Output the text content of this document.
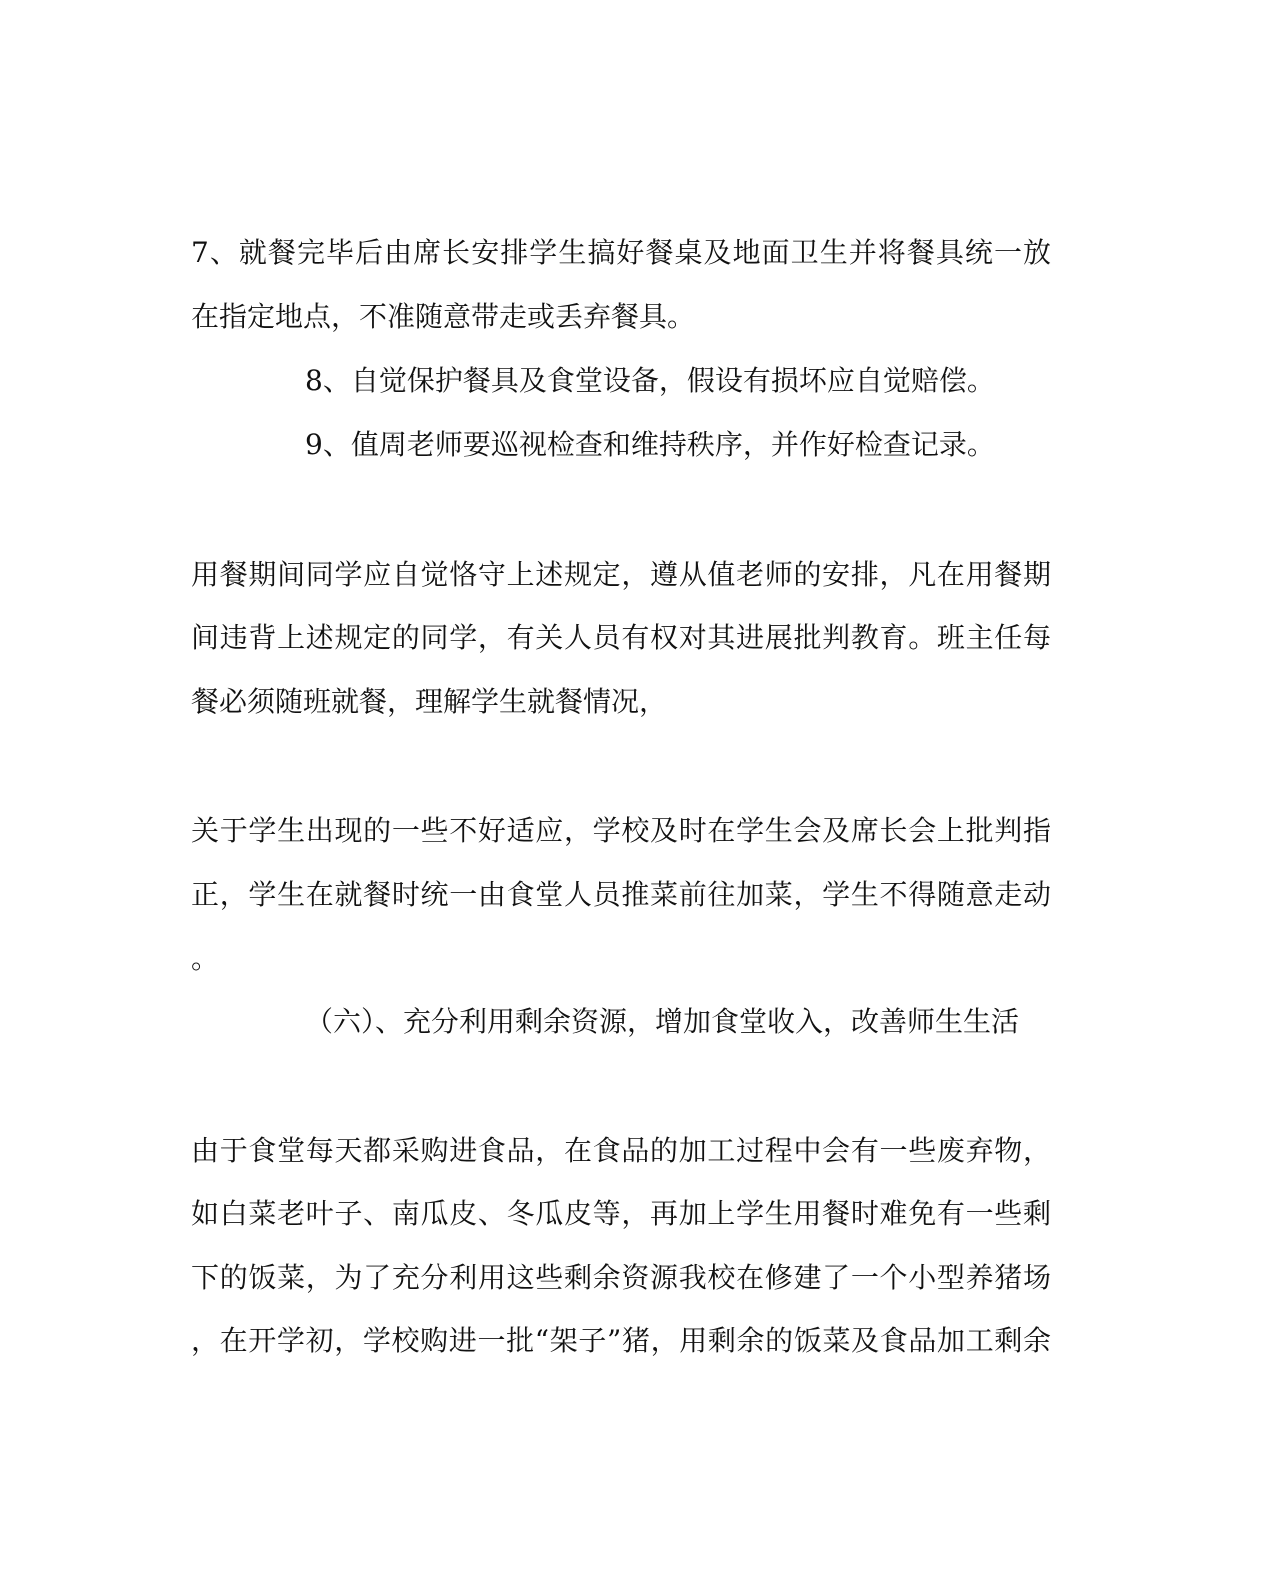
7、就餐完毕后由席长安排学生搞好餐桌及地面卫生并将餐具统一放
在指定地点，不准随意带走或丢弃餐具。
8、自觉保护餐具及食堂设备，假设有损坏应自觉赔偿。
9、值周老师要巡视检查和维持秩序，并作好检查记录。
用餐期间同学应自觉恪守上述规定，遵从值老师的安排，凡在用餐期
间违背上述规定的同学，有关人员有权对其进展批判教育。班主任每
餐必须随班就餐，理解学生就餐情况，
关于学生出现的一些不好适应，学校及时在学生会及席长会上批判指
正，学生在就餐时统一由食堂人员推菜前往加菜，学生不得随意走动
。
（六）、充分利用剩余资源，增加食堂收入，改善师生生活
由于食堂每天都采购进食品，在食品的加工过程中会有一些废弃物，
如白菜老叶子、南瓜皮、冬瓜皮等，再加上学生用餐时难免有一些剩
下的饭菜，为了充分利用这些剩余资源我校在修建了一个小型养猪场
，在开学初，学校购进一批“架子”猪，用剩余的饭菜及食品加工剩余
